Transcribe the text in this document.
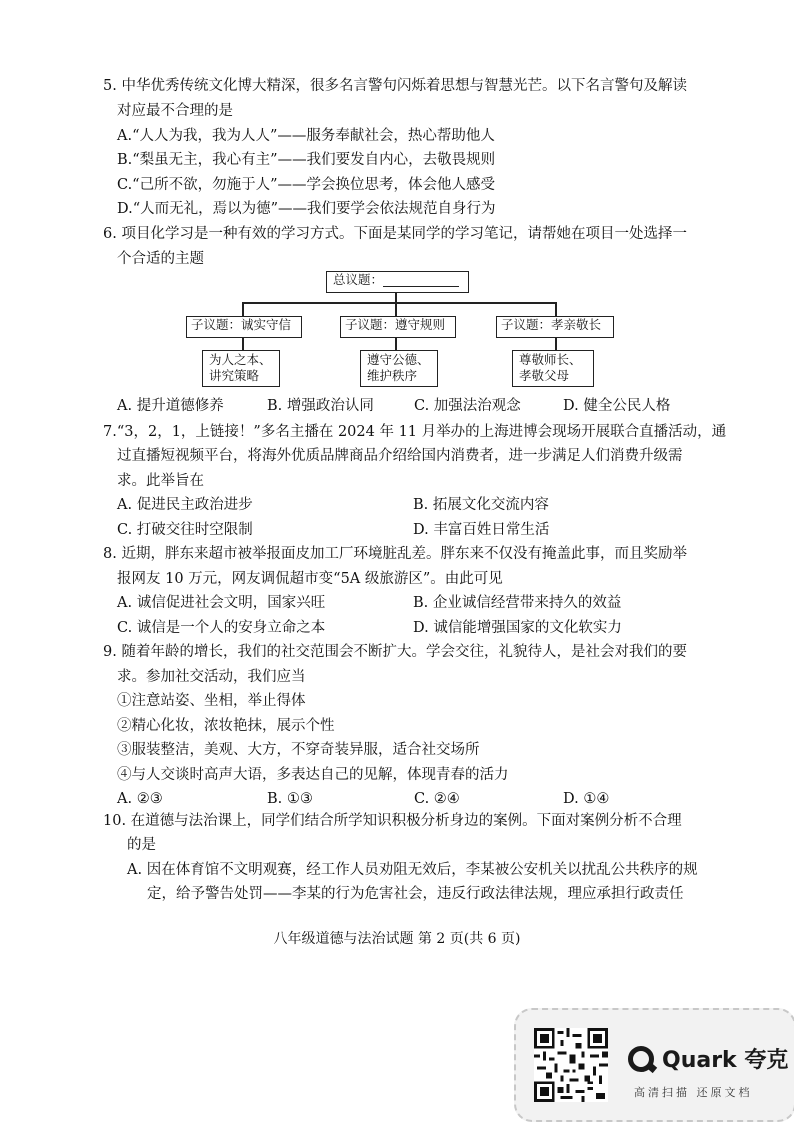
5. 中华优秀传统文化博大精深，很多名言警句闪烁着思想与智慧光芒。以下名言警句及解读
对应最不合理的是
A.“人人为我，我为人人”——服务奉献社会，热心帮助他人
B.“梨虽无主，我心有主”——我们要发自内心，去敬畏规则
C.“己所不欲，勿施于人”——学会换位思考，体会他人感受
D.“人而无礼，焉以为德”——我们要学会依法规范自身行为
6. 项目化学习是一种有效的学习方式。下面是某同学的学习笔记，请帮她在项目一处选择一
个合适的主题
总议题：
子议题：诚实守信	子议题：遵守规则	子议题：孝亲敬长
为人之本、
讲究策略
遵守公德、
维护秩序
尊敬师长、
孝敬父母
A. 提升道德修养	B. 增强政治认同	C. 加强法治观念	D. 健全公民人格
7.“3，2，1，上链接！”多名主播在 2024 年 11 月举办的上海进博会现场开展联合直播活动，通
过直播短视频平台，将海外优质品牌商品介绍给国内消费者，进一步满足人们消费升级需
求。此举旨在
A. 促进民主政治进步	B. 拓展文化交流内容
C. 打破交往时空限制	D. 丰富百姓日常生活
8. 近期，胖东来超市被举报面皮加工厂环境脏乱差。胖东来不仅没有掩盖此事，而且奖励举
报网友 10 万元，网友调侃超市变“5A 级旅游区”。由此可见
A. 诚信促进社会文明，国家兴旺	B. 企业诚信经营带来持久的效益
C. 诚信是一个人的安身立命之本	D. 诚信能增强国家的文化软实力
9. 随着年龄的增长，我们的社交范围会不断扩大。学会交往，礼貌待人，是社会对我们的要
求。参加社交活动，我们应当
①注意站姿、坐相，举止得体
②精心化妆，浓妆艳抹，展示个性
③服装整洁，美观、大方，不穿奇装异服，适合社交场所
④与人交谈时高声大语，多表达自己的见解，体现青春的活力
A. ②③	B. ①③	C. ②④	D. ①④
10. 在道德与法治课上，同学们结合所学知识积极分析身边的案例。下面对案例分析不合理
的是
A. 因在体育馆不文明观赛，经工作人员劝阻无效后，李某被公安机关以扰乱公共秩序的规
定，给予警告处罚——李某的行为危害社会，违反行政法律法规，理应承担行政责任
八年级道德与法治试题 第 2 页(共 6 页)
Quark 夸克
高清扫描 还原文档
